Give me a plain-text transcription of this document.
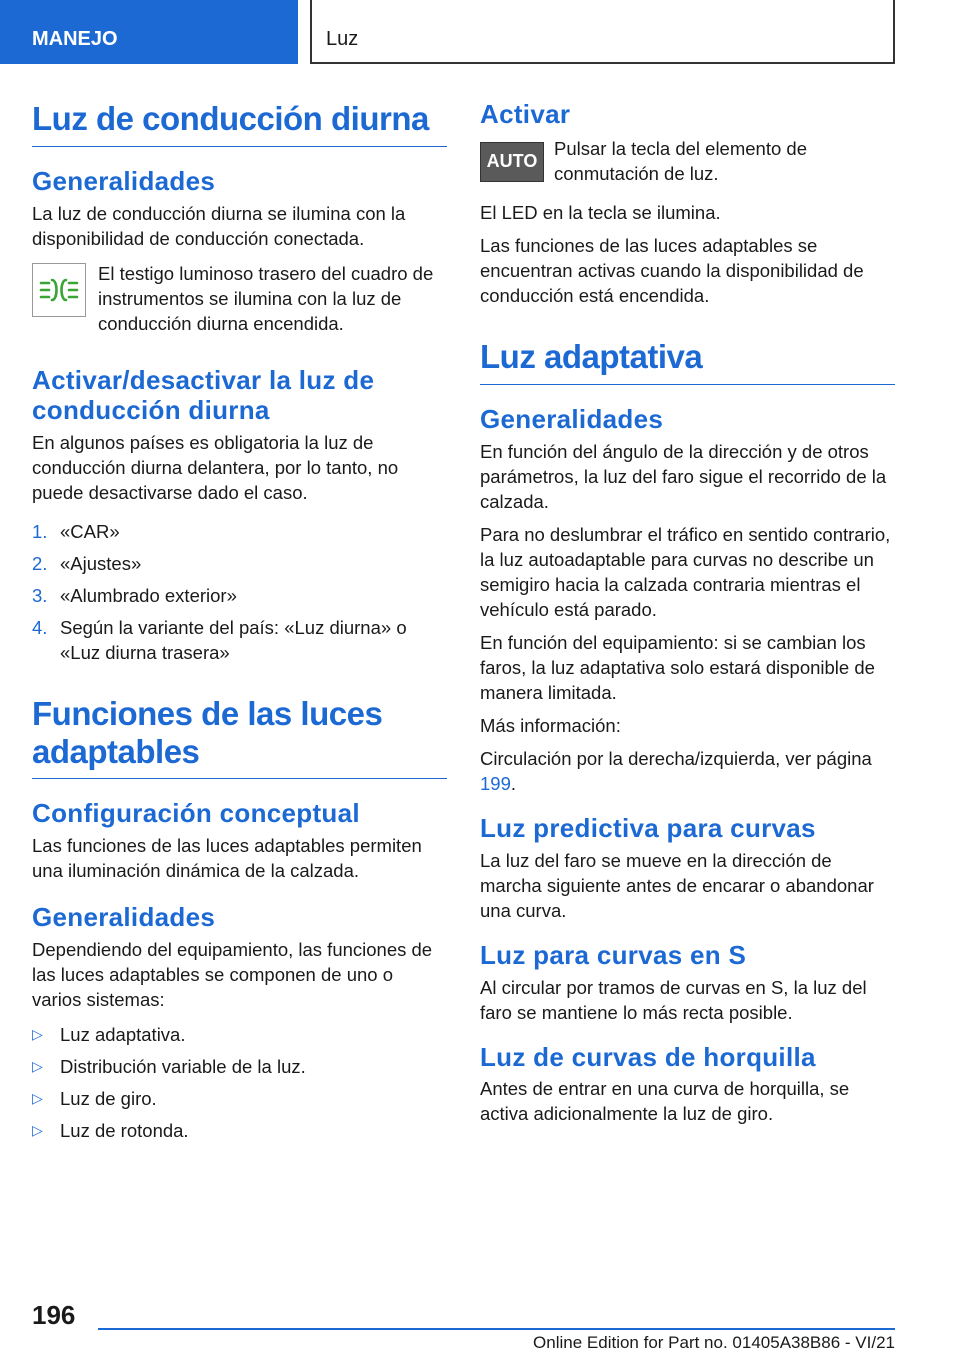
MANEJO	Luz
Luz de conducción diurna
Generalidades

La luz de conducción diurna se ilumina con la disponibilidad de conducción conectada.

El testigo luminoso trasero del cuadro de instrumentos se ilumina con la luz de conducción diurna encendida.
Activar/desactivar la luz de conducción diurna

En algunos países es obligatoria la luz de conducción diurna delantera, por lo tanto, no puede desactivarse dado el caso.

1. «CAR»
2. «Ajustes»
3. «Alumbrado exterior»
4. Según la variante del país: «Luz diurna» o «Luz diurna trasera»
Funciones de las luces adaptables
Configuración conceptual

Las funciones de las luces adaptables permiten una iluminación dinámica de la calzada.

Generalidades

Dependiendo del equipamiento, las funciones de las luces adaptables se componen de uno o varios sistemas:

▷ Luz adaptativa.
▷ Distribución variable de la luz.
▷ Luz de giro.
▷ Luz de rotonda.
Activar
AUTO
Pulsar la tecla del elemento de conmutación de luz.

El LED en la tecla se ilumina.

Las funciones de las luces adaptables se encuentran activas cuando la disponibilidad de conducción está encendida.

Luz adaptativa
Generalidades

En función del ángulo de la dirección y de otros parámetros, la luz del faro sigue el recorrido de la calzada.

Para no deslumbrar el tráfico en sentido contrario, la luz autoadaptable para curvas no describe un semigiro hacia la calzada contraria mientras el vehículo está parado.

En función del equipamiento: si se cambian los faros, la luz adaptativa solo estará disponible de manera limitada.

Más información:

Circulación por la derecha/izquierda, ver página 199.

Luz predictiva para curvas

La luz del faro se mueve en la dirección de marcha siguiente antes de encarar o abandonar una curva.

Luz para curvas en S

Al circular por tramos de curvas en S, la luz del faro se mantiene lo más recta posible.

Luz de curvas de horquilla

Antes de entrar en una curva de horquilla, se activa adicionalmente la luz de giro.

196
Online Edition for Part no. 01405A38B86 - VI/21
